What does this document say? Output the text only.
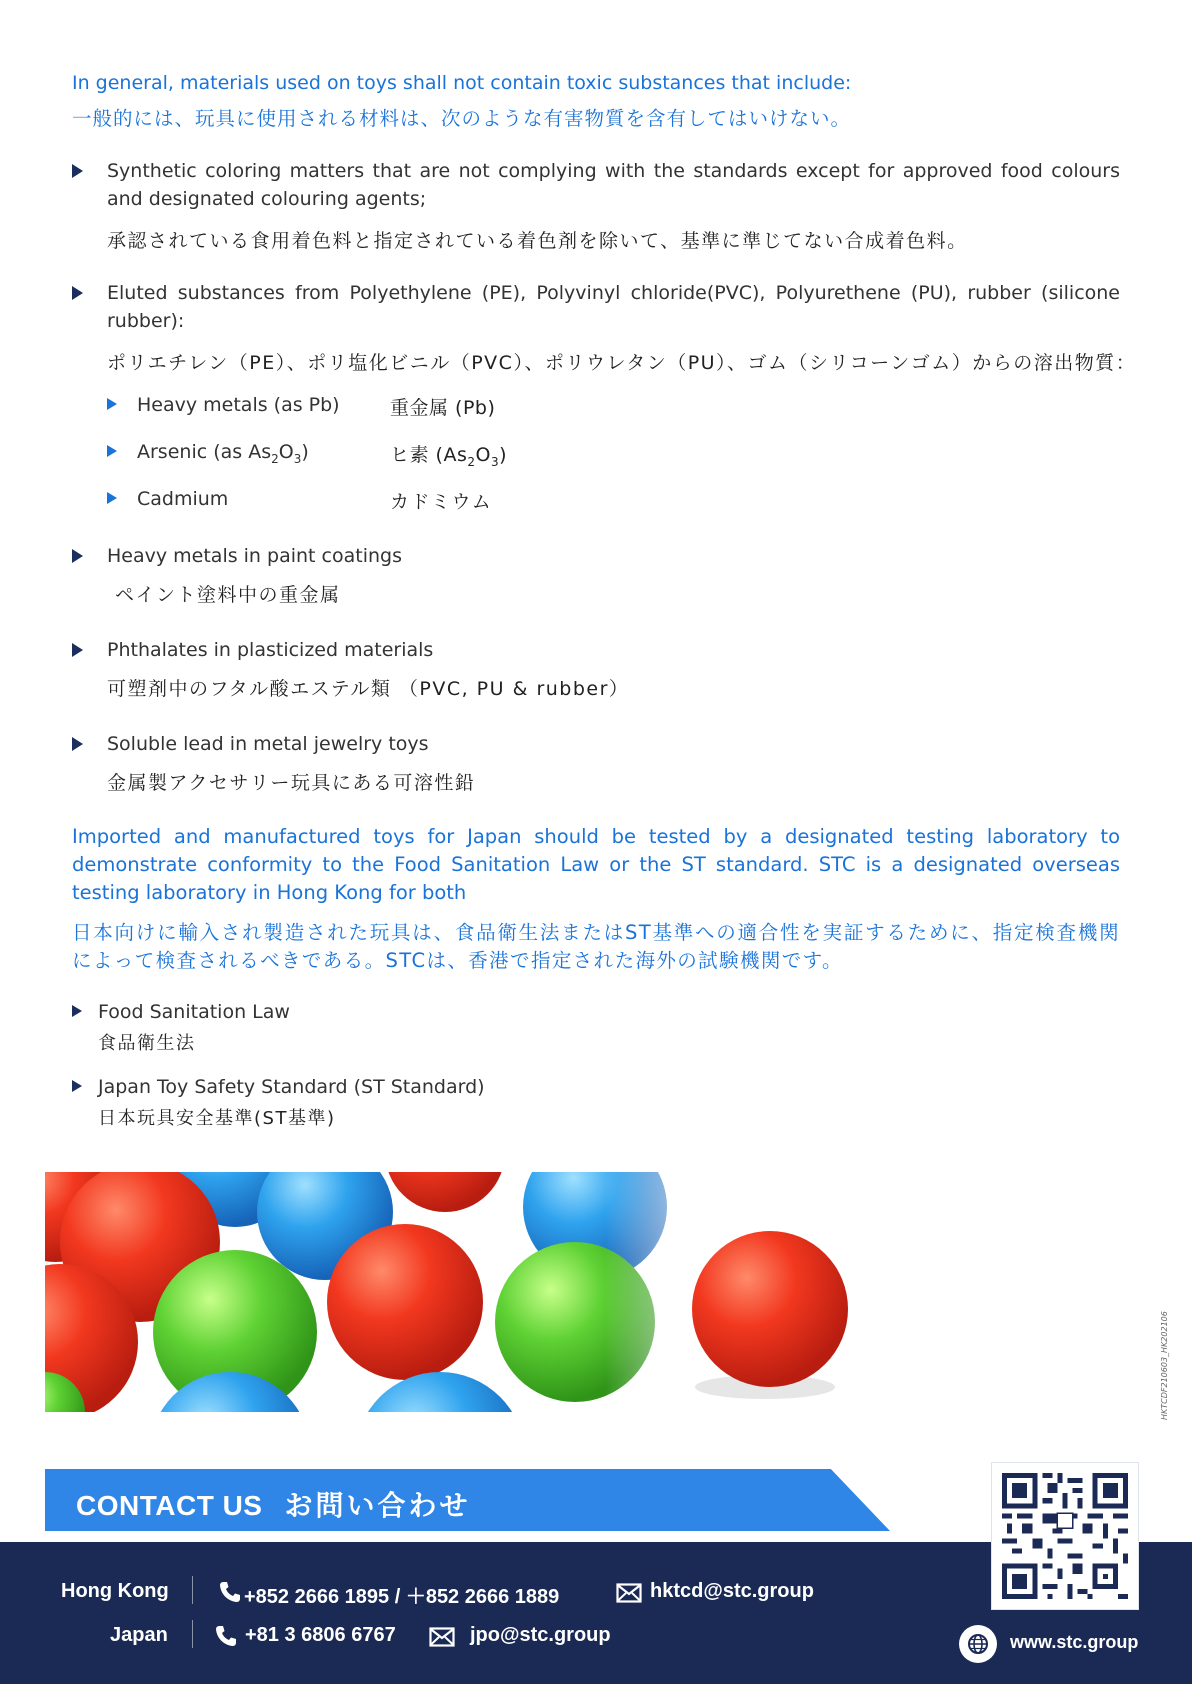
In general, materials used on toys shall not contain toxic substances that include:
一般的には、玩具に使用される材料は、次のような有害物質を含有してはいけない。
Synthetic coloring matters that are not complying with the standards except for approved food colours and designated colouring agents;
承認されている食用着色料と指定されている着色剤を除いて、基準に準じてない合成着色料。
Eluted substances from Polyethylene (PE), Polyvinyl chloride(PVC), Polyurethene (PU), rubber (silicone rubber):
ポリエチレン（PE）、ポリ塩化ビニル（PVC）、ポリウレタン（PU）、ゴム（シリコーンゴム）からの溶出物質：
Heavy metals (as Pb)	重金属 (Pb)
Arsenic (as $As_2O_3$)	ヒ素 $(As_2O_3)$
Cadmium	カドミウム
Heavy metals in paint coatings
ペイント塗料中の重金属
Phthalates in plasticized materials
可塑剤中のフタル酸エステル類 （PVC, PU & rubber）
Soluble lead in metal jewelry toys
金属製アクセサリー玩具にある可溶性鉛
Imported and manufactured toys for Japan should be tested by a designated testing laboratory to demonstrate conformity to the Food Sanitation Law or the ST standard. STC is a designated overseas testing laboratory in Hong Kong for both
日本向けに輸入され製造された玩具は、食品衛生法またはST基準への適合性を実証するために、指定検査機関によって検査されるべきである。STCは、香港で指定された海外の試験機関です。
Food Sanitation Law
食品衛生法
Japan Toy Safety Standard (ST Standard)
日本玩具安全基準(ST基準)
CONTACT US お問い合わせ
HKTCDF210603_HK202106
Hong Kong	+852 2666 1895 / ＋852 2666 1889	hktcd@stc.group
Japan	+81 3 6806 6767	jpo@stc.group	www.stc.group
